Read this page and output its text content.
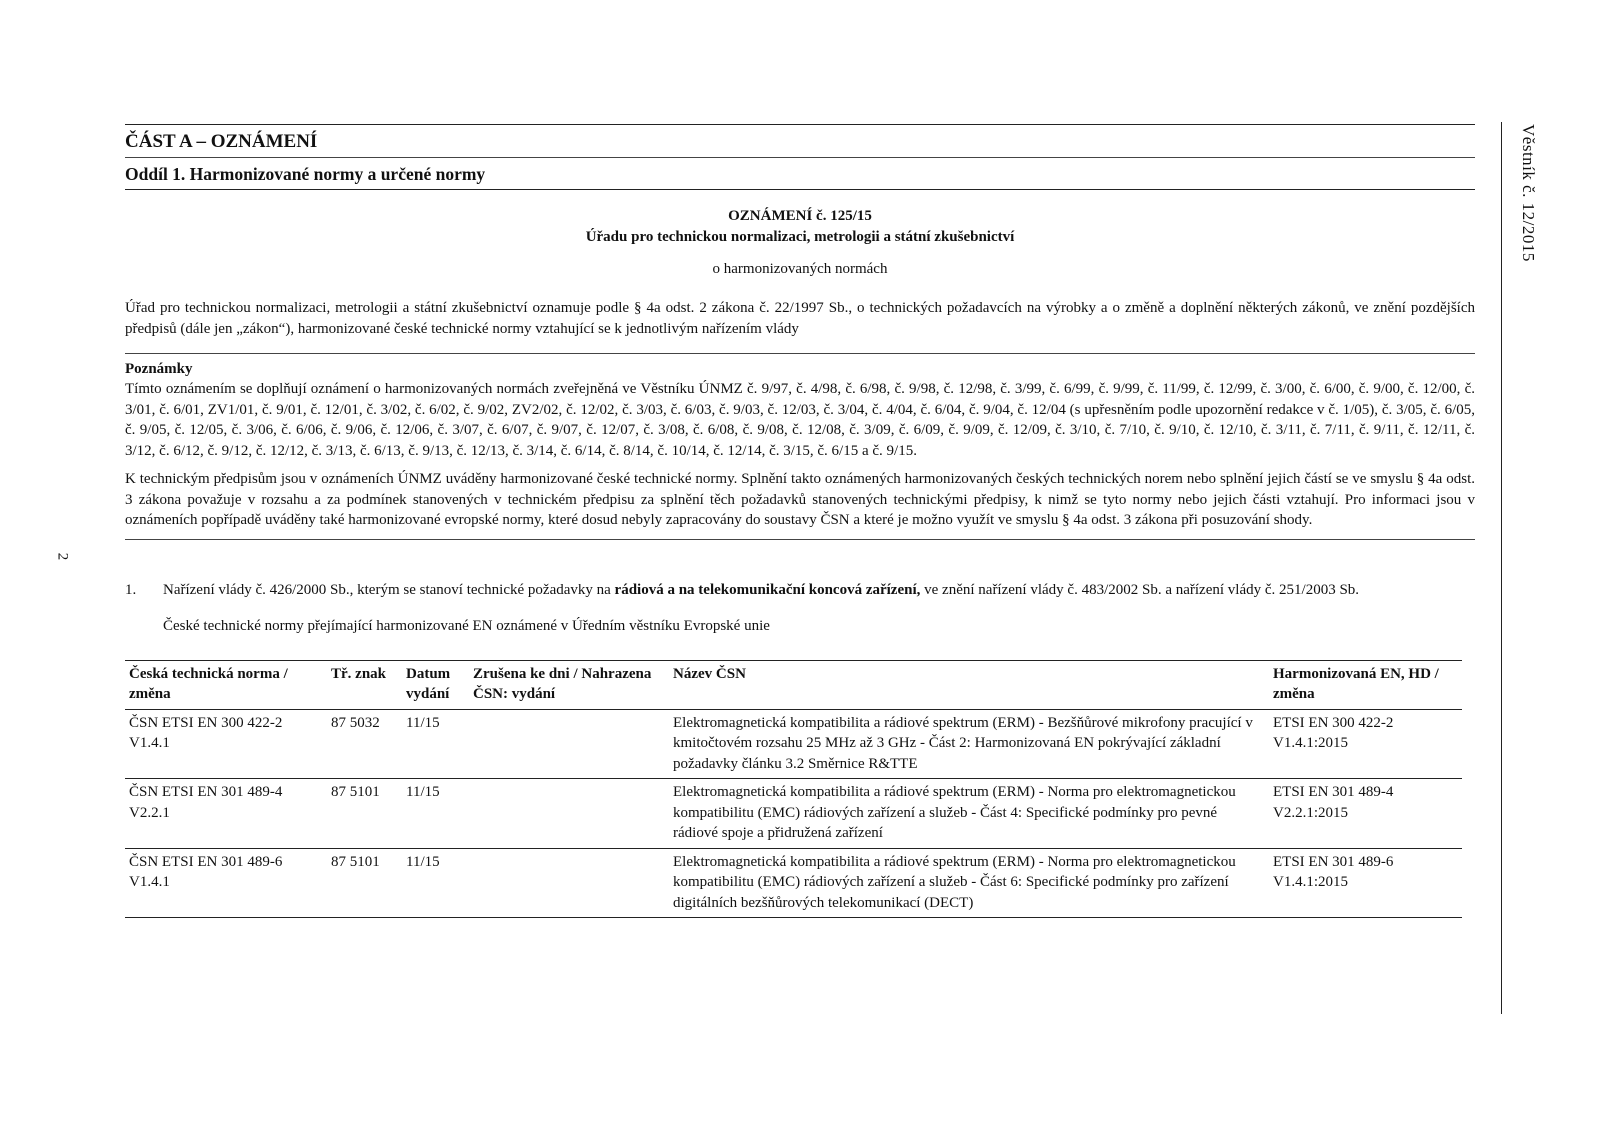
2
ČÁST A – OZNÁMENÍ
Oddíl 1. Harmonizované normy a určené normy
OZNÁMENÍ č. 125/15
Úřadu pro technickou normalizaci, metrologii a státní zkušebnictví
o harmonizovaných normách
Úřad pro technickou normalizaci, metrologii a státní zkušebnictví oznamuje podle § 4a odst. 2 zákona č. 22/1997 Sb., o technických požadavcích na výrobky a o změně a doplnění některých zákonů, ve znění pozdějších předpisů (dále jen „zákon“), harmonizované české technické normy vztahující se k jednotlivým nařízením vlády
Poznámky
Tímto oznámením se doplňují oznámení o harmonizovaných normách zveřejněná ve Věstníku ÚNMZ č. 9/97, č. 4/98, č. 6/98, č. 9/98, č. 12/98, č. 3/99, č. 6/99, č. 9/99, č. 11/99, č. 12/99, č. 3/00, č. 6/00, č. 9/00, č. 12/00, č. 3/01, č. 6/01, ZV1/01, č. 9/01, č. 12/01, č. 3/02, č. 6/02, č. 9/02, ZV2/02, č. 12/02, č. 3/03, č. 6/03, č. 9/03, č. 12/03, č. 3/04, č. 4/04, č. 6/04, č. 9/04, č. 12/04 (s upřesněním podle upozornění redakce v č. 1/05), č. 3/05, č. 6/05, č. 9/05, č. 12/05, č. 3/06, č. 6/06, č. 9/06, č. 12/06, č. 3/07, č. 6/07, č. 9/07, č. 12/07, č. 3/08, č. 6/08, č. 9/08, č. 12/08, č. 3/09, č. 6/09, č. 9/09, č. 12/09, č. 3/10, č. 7/10, č. 9/10, č. 12/10, č. 3/11, č. 7/11, č. 9/11, č. 12/11, č. 3/12, č. 6/12, č. 9/12, č. 12/12, č. 3/13, č. 6/13, č. 9/13, č. 12/13, č. 3/14, č. 6/14, č. 8/14, č. 10/14, č. 12/14, č. 3/15, č. 6/15 a č. 9/15.
K technickým předpisům jsou v oznámeních ÚNMZ uváděny harmonizované české technické normy. Splnění takto oznámených harmonizovaných českých technických norem nebo splnění jejich částí se ve smyslu § 4a odst. 3 zákona považuje v rozsahu a za podmínek stanovených v technickém předpisu za splnění těch požadavků stanovených technickými předpisy, k nimž se tyto normy nebo jejich části vztahují. Pro informaci jsou v oznámeních popřípadě uváděny také harmonizované evropské normy, které dosud nebyly zapracovány do soustavy ČSN a které je možno využít ve smyslu § 4a odst. 3 zákona při posuzování shody.
1.	Nařízení vlády č. 426/2000 Sb., kterým se stanoví technické požadavky na rádiová a na telekomunikační koncová zařízení, ve znění nařízení vlády č. 483/2002 Sb. a nařízení vlády č. 251/2003 Sb.
České technické normy přejímající harmonizované EN oznámené v Úředním věstníku Evropské unie
Česká technická norma / změna	Tř. znak	Datum vydání	Zrušena ke dni / Nahrazena ČSN: vydání	Název ČSN	Harmonizovaná EN, HD / změna
ČSN ETSI EN 300 422-2 V1.4.1	87 5032	11/15		Elektromagnetická kompatibilita a rádiové spektrum (ERM) - Bezšňůrové mikrofony pracující v kmitočtovém rozsahu 25 MHz až 3 GHz - Část 2: Harmonizovaná EN pokrývající základní požadavky článku 3.2 Směrnice R&TTE	ETSI EN 300 422-2 V1.4.1:2015
ČSN ETSI EN 301 489-4 V2.2.1	87 5101	11/15		Elektromagnetická kompatibilita a rádiové spektrum (ERM) - Norma pro elektromagnetickou kompatibilitu (EMC) rádiových zařízení a služeb - Část 4: Specifické podmínky pro pevné rádiové spoje a přidružená zařízení	ETSI EN 301 489-4 V2.2.1:2015
ČSN ETSI EN 301 489-6 V1.4.1	87 5101	11/15		Elektromagnetická kompatibilita a rádiové spektrum (ERM) - Norma pro elektromagnetickou kompatibilitu (EMC) rádiových zařízení a služeb - Část 6: Specifické podmínky pro zařízení digitálních bezšňůrových telekomunikací (DECT)	ETSI EN 301 489-6 V1.4.1:2015
Věstník č. 12/2015
